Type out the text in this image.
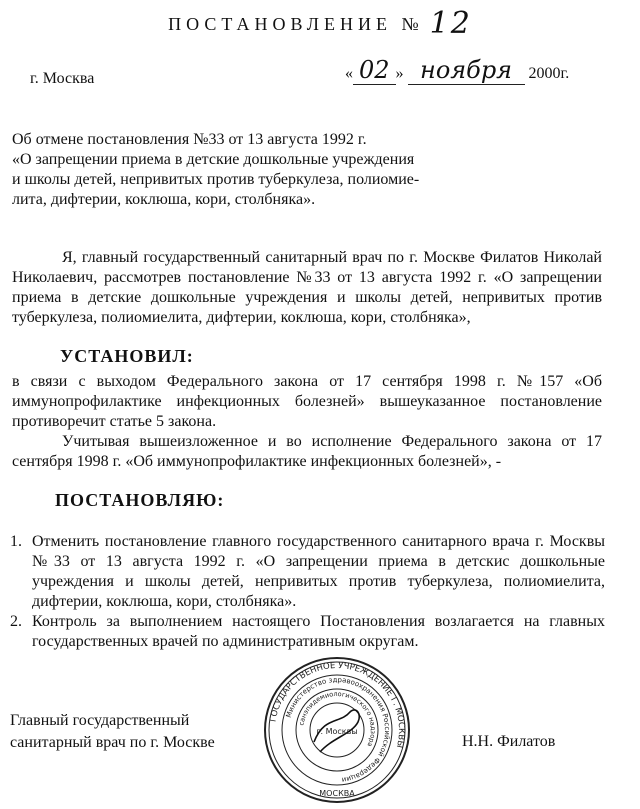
ПОСТАНОВЛЕНИЕ № 12
г. Москва	« 02 » ноября 2000г.
Об отмене постановления №33 от 13 августа 1992 г.
«О запрещении приема в детские дошкольные учреждения
и школы детей, непривитых против туберкулеза, полиомие-
лита, дифтерии, коклюша, кори, столбняка».
Я, главный государственный санитарный врач по г. Москве Филатов Николай Николаевич, рассмотрев постановление №33 от 13 августа 1992 г. «О запрещении приема в детские дошкольные учреждения и школы детей, непривитых против туберкулеза, полиомиелита, дифтерии, коклюша, кори, столбняка»,
УСТАНОВИЛ:
в связи с выходом Федерального закона от 17 сентября 1998 г. №157 «Об иммунопрофилактике инфекционных болезней» вышеуказанное постановление противоречит статье 5 закона.
Учитывая вышеизложенное и во исполнение Федерального закона от 17 сентября 1998 г. «Об иммунопрофилактике инфекционных болезней», -
ПОСТАНОВЛЯЮ:
1. Отменить постановление главного государственного санитарного врача г. Москвы №33 от 13 августа 1992 г. «О запрещении приема в детскис дошкольные учреждения и школы детей, непривитых против туберкулеза, полиомиелита, дифтерии, коклюша, кори, столбняка».
2. Контроль за выполнением настоящего Постановления возлагается на главных государственных врачей по административным округам.
Главный государственный
санитарный врач по г. Москве
ГОСУДАРСТВЕННОЕ УЧРЕЖДЕНИЕ Г. МОСКВЫ
Министерство здравоохранения Российской Федерации
санэпидемиологического надзора
г. Москвы
МОСКВА
Н.Н. Филатов
